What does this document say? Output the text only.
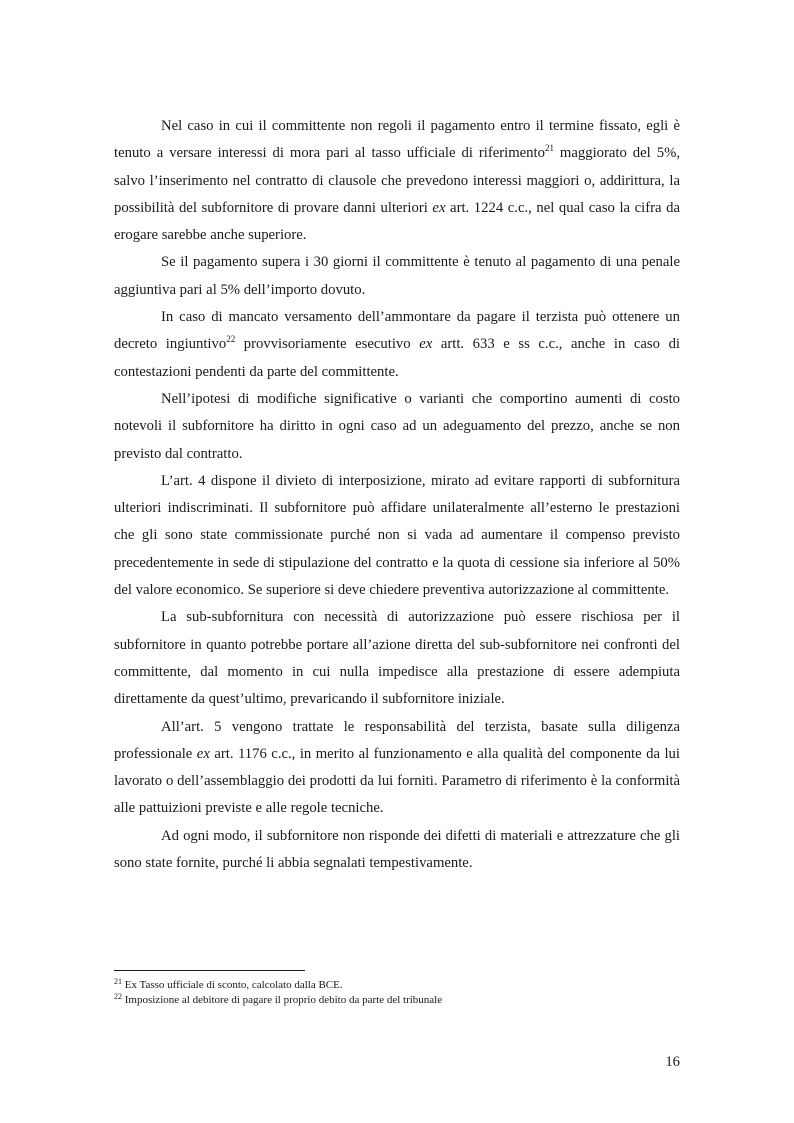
Nel caso in cui il committente non regoli il pagamento entro il termine fissato, egli è tenuto a versare interessi di mora pari al tasso ufficiale di riferimento$^{21}$ maggiorato del 5%, salvo l’inserimento nel contratto di clausole che prevedono interessi maggiori o, addirittura, la possibilità del subfornitore di provare danni ulteriori ex art. 1224 c.c., nel qual caso la cifra da erogare sarebbe anche superiore.

Se il pagamento supera i 30 giorni il committente è tenuto al pagamento di una penale aggiuntiva pari al 5% dell’importo dovuto.

In caso di mancato versamento dell’ammontare da pagare il terzista può ottenere un decreto ingiuntivo$^{22}$ provvisoriamente esecutivo ex artt. 633 e ss c.c., anche in caso di contestazioni pendenti da parte del committente.

Nell’ipotesi di modifiche significative o varianti che comportino aumenti di costo notevoli il subfornitore ha diritto in ogni caso ad un adeguamento del prezzo, anche se non previsto dal contratto.

L’art. 4 dispone il divieto di interposizione, mirato ad evitare rapporti di subfornitura ulteriori indiscriminati. Il subfornitore può affidare unilateralmente all’esterno le prestazioni che gli sono state commissionate purché non si vada ad aumentare il compenso previsto precedentemente in sede di stipulazione del contratto e la quota di cessione sia inferiore al 50% del valore economico. Se superiore si deve chiedere preventiva autorizzazione al committente.

La sub-subfornitura con necessità di autorizzazione può essere rischiosa per il subfornitore in quanto potrebbe portare all’azione diretta del sub-subfornitore nei confronti del committente, dal momento in cui nulla impedisce alla prestazione di essere adempiuta direttamente da quest’ultimo, prevaricando il subfornitore iniziale.

All’art. 5 vengono trattate le responsabilità del terzista, basate sulla diligenza professionale ex art. 1176 c.c., in merito al funzionamento e alla qualità del componente da lui lavorato o dell’assemblaggio dei prodotti da lui forniti. Parametro di riferimento è la conformità alle pattuizioni previste e alle regole tecniche.

Ad ogni modo, il subfornitore non risponde dei difetti di materiali e attrezzature che gli sono state fornite, purché li abbia segnalati tempestivamente.

$^{21}$ Ex Tasso ufficiale di sconto, calcolato dalla BCE.

$^{22}$ Imposizione al debitore di pagare il proprio debito da parte del tribunale

16
